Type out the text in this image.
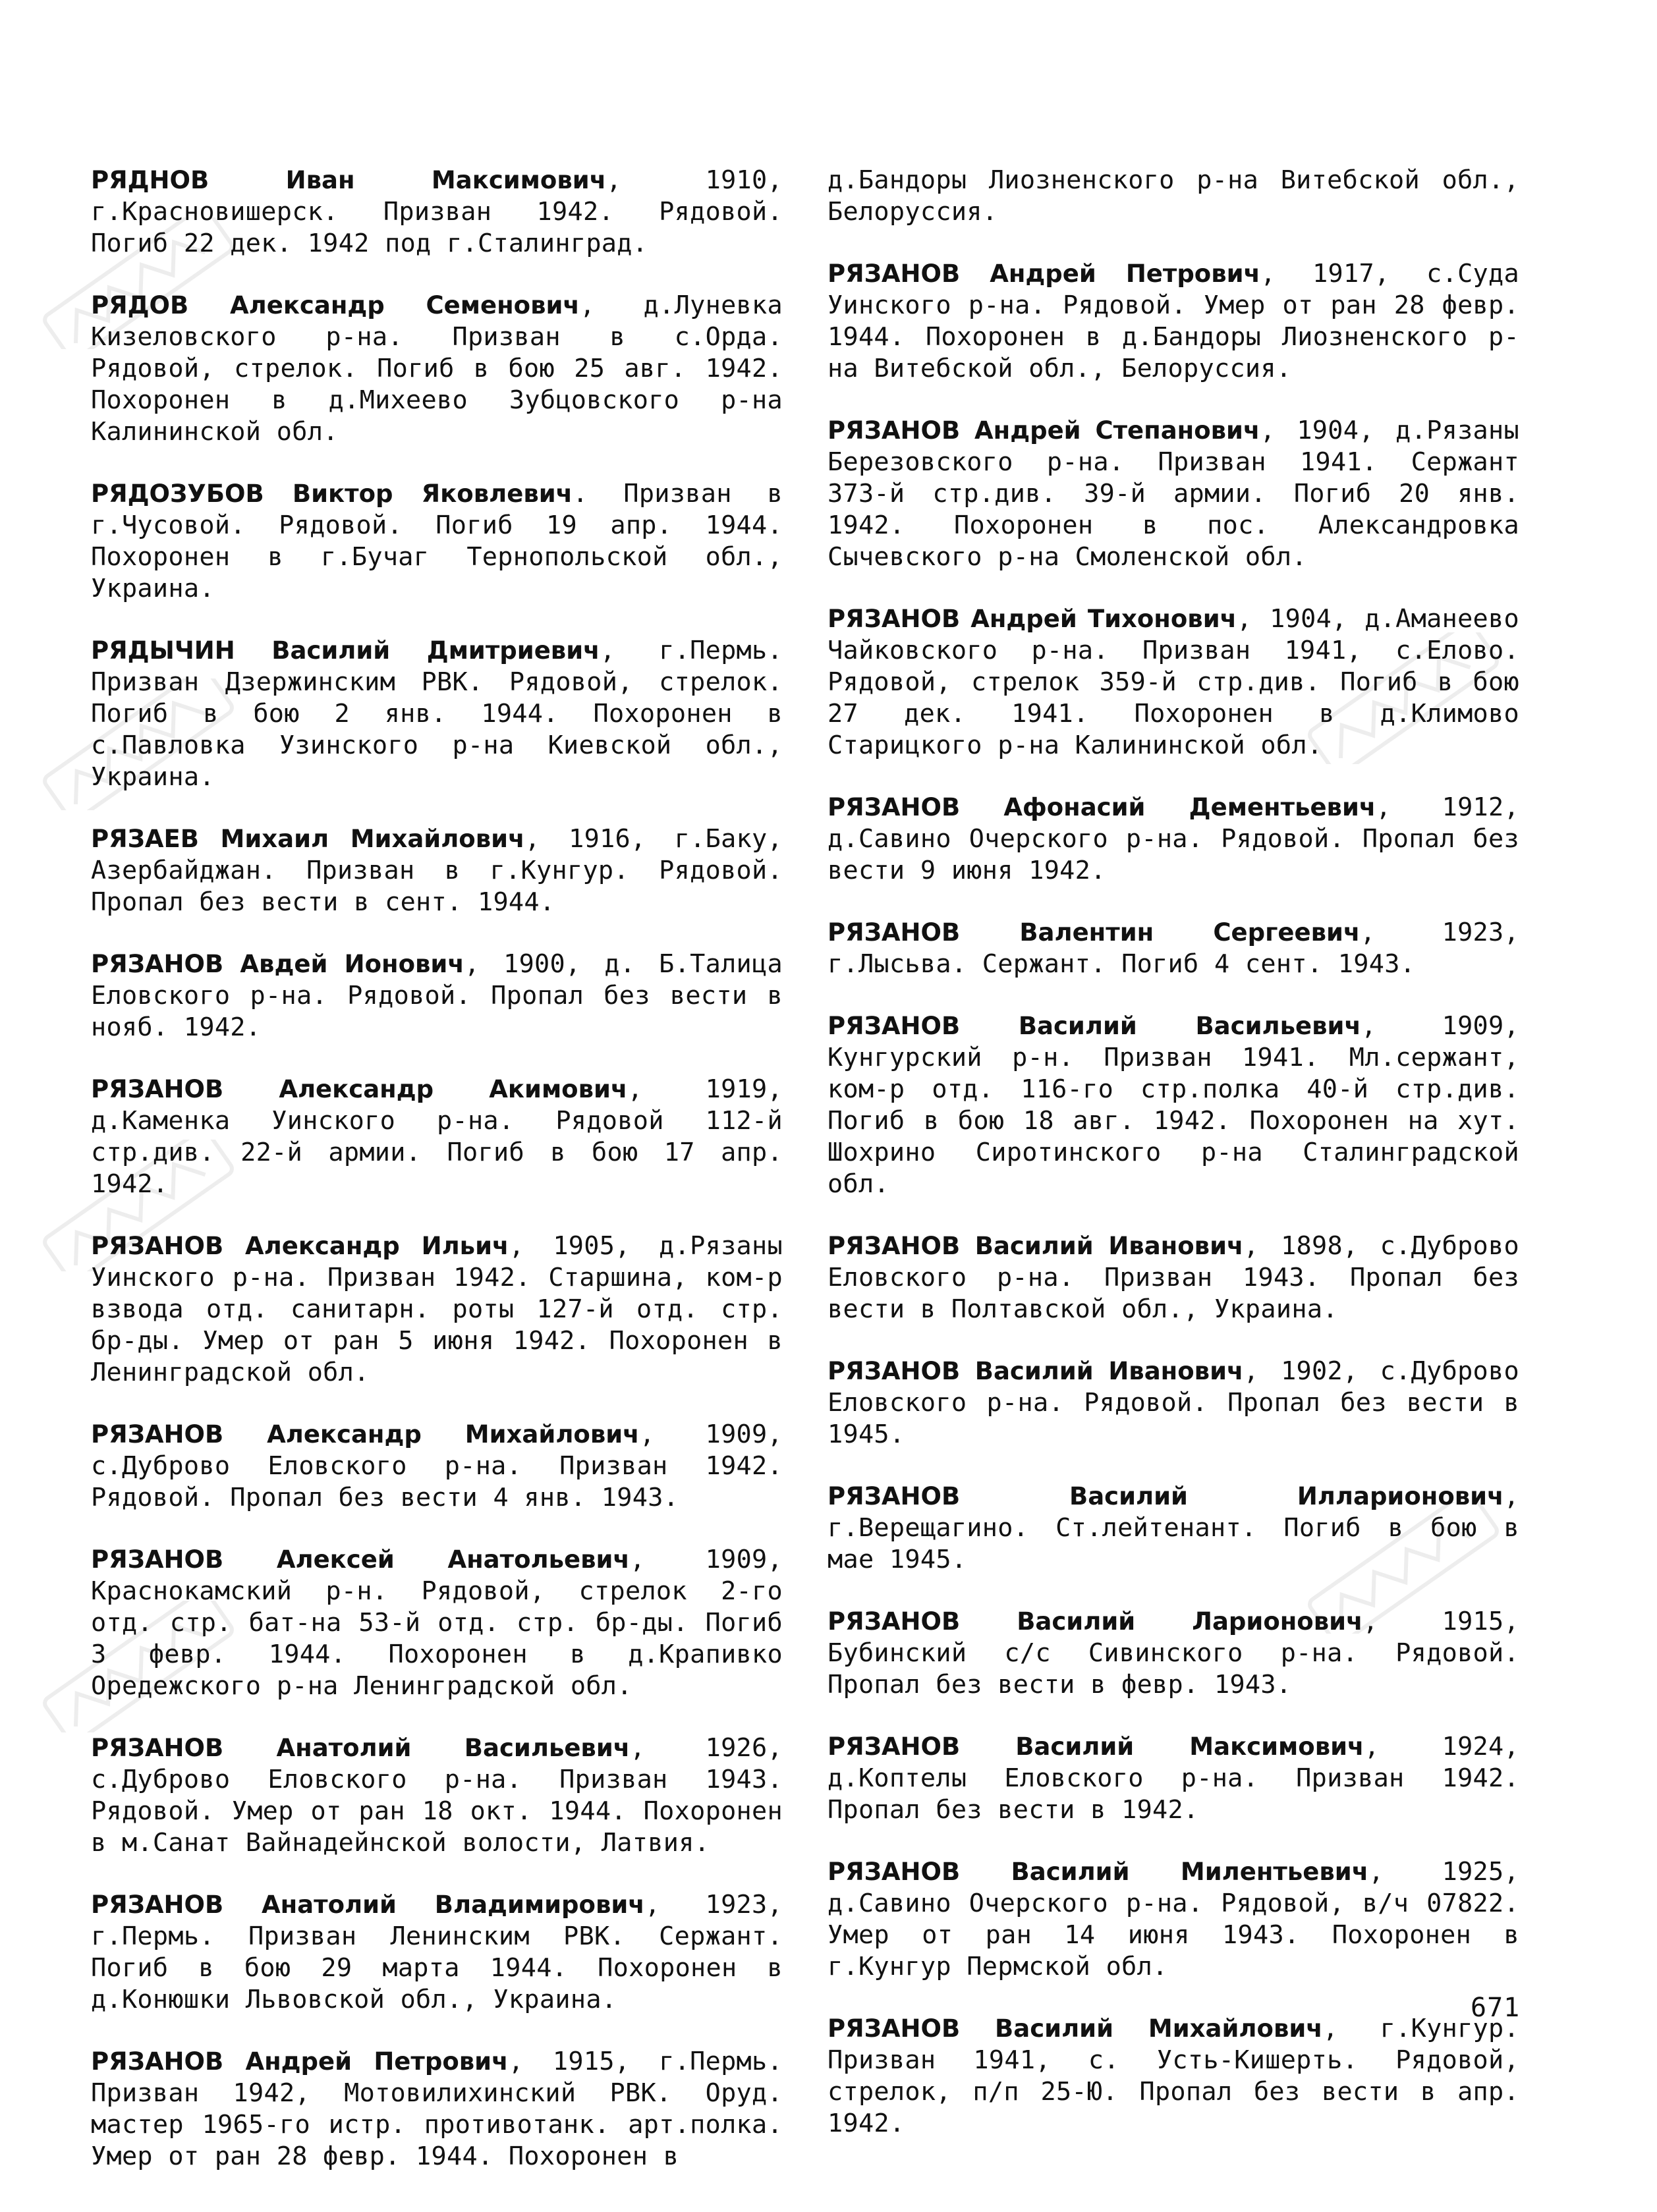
РЯДНОВ Иван Максимович, 1910, г.Красновишерск. Призван 1942. Рядовой. Погиб 22 дек. 1942 под г.Сталинград.

РЯДОВ Александр Семенович, д.Луневка Кизеловского р-на. Призван в с.Орда. Рядовой, стрелок. Погиб в бою 25 авг. 1942. Похоронен в д.Михеево Зубцовского р-на Калининской обл.

РЯДОЗУБОВ Виктор Яковлевич. Призван в г.Чусовой. Рядовой. Погиб 19 апр. 1944. Похоронен в г.Бучаг Тернопольской обл., Украина.

РЯДЫЧИН Василий Дмитриевич, г.Пермь. Призван Дзержинским РВК. Рядовой, стрелок. Погиб в бою 2 янв. 1944. Похоронен в с.Павловка Узинского р-на Киевской обл., Украина.

РЯЗАЕВ Михаил Михайлович, 1916, г.Баку, Азербайджан. Призван в г.Кунгур. Рядовой. Пропал без вести в сент. 1944.

РЯЗАНОВ Авдей Ионович, 1900, д. Б.Талица Еловского р-на. Рядовой. Пропал без вести в нояб. 1942.

РЯЗАНОВ Александр Акимович, 1919, д.Каменка Уинского р-на. Рядовой 112-й стр.див. 22-й армии. Погиб в бою 17 апр. 1942.

РЯЗАНОВ Александр Ильич, 1905, д.Рязаны Уинского р-на. Призван 1942. Старшина, ком-р взвода отд. санитарн. роты 127-й отд. стр. бр-ды. Умер от ран 5 июня 1942. Похоронен в Ленинградской обл.

РЯЗАНОВ Александр Михайлович, 1909, с.Дуброво Еловского р-на. Призван 1942. Рядовой. Пропал без вести 4 янв. 1943.

РЯЗАНОВ Алексей Анатольевич, 1909, Краснокамский р-н. Рядовой, стрелок 2-го отд. стр. бат-на 53-й отд. стр. бр-ды. Погиб 3 февр. 1944. Похоронен в д.Крапивко Оредежского р-на Ленинградской обл.

РЯЗАНОВ Анатолий Васильевич, 1926, с.Дуброво Еловского р-на. Призван 1943. Рядовой. Умер от ран 18 окт. 1944. Похоронен в м.Санат Вайнадейнской волости, Латвия.

РЯЗАНОВ Анатолий Владимирович, 1923, г.Пермь. Призван Ленинским РВК. Сержант. Погиб в бою 29 марта 1944. Похоронен в д.Конюшки Львовской обл., Украина.

РЯЗАНОВ Андрей Петрович, 1915, г.Пермь. Призван 1942, Мотовилихинский РВК. Оруд. мастер 1965-го истр. противотанк. арт.полка. Умер от ран 28 февр. 1944. Похоронен в

д.Бандоры Лиозненского р-на Витебской обл., Белоруссия.

РЯЗАНОВ Андрей Петрович, 1917, с.Суда Уинского р-на. Рядовой. Умер от ран 28 февр. 1944. Похоронен в д.Бандоры Лиозненского р-на Витебской обл., Белоруссия.

РЯЗАНОВ Андрей Степанович, 1904, д.Рязаны Березовского р-на. Призван 1941. Сержант 373-й стр.див. 39-й армии. Погиб 20 янв. 1942. Похоронен в пос. Александровка Сычевского р-на Смоленской обл.

РЯЗАНОВ Андрей Тихонович, 1904, д.Аманеево Чайковского р-на. Призван 1941, с.Елово. Рядовой, стрелок 359-й стр.див. Погиб в бою 27 дек. 1941. Похоронен в д.Климово Старицкого р-на Калининской обл.

РЯЗАНОВ Афонасий Дементьевич, 1912, д.Савино Очерского р-на. Рядовой. Пропал без вести 9 июня 1942.

РЯЗАНОВ Валентин Сергеевич, 1923, г.Лысьва. Сержант. Погиб 4 сент. 1943.

РЯЗАНОВ Василий Васильевич, 1909, Кунгурский р-н. Призван 1941. Мл.сержант, ком-р отд. 116-го стр.полка 40-й стр.див. Погиб в бою 18 авг. 1942. Похоронен на хут. Шохрино Сиротинского р-на Сталинградской обл.

РЯЗАНОВ Василий Иванович, 1898, с.Дуброво Еловского р-на. Призван 1943. Пропал без вести в Полтавской обл., Украина.

РЯЗАНОВ Василий Иванович, 1902, с.Дуброво Еловского р-на. Рядовой. Пропал без вести в 1945.

РЯЗАНОВ Василий Илларионович, г.Верещагино. Ст.лейтенант. Погиб в бою в мае 1945.

РЯЗАНОВ Василий Ларионович, 1915, Бубинский с/с Сивинского р-на. Рядовой. Пропал без вести в февр. 1943.

РЯЗАНОВ Василий Максимович, 1924, д.Коптелы Еловского р-на. Призван 1942. Пропал без вести в 1942.

РЯЗАНОВ Василий Милентьевич, 1925, д.Савино Очерского р-на. Рядовой, в/ч 07822. Умер от ран 14 июня 1943. Похоронен в г.Кунгур Пермской обл.

РЯЗАНОВ Василий Михайлович, г.Кунгур. Призван 1941, с. Усть-Кишерть. Рядовой, стрелок, п/п 25-Ю. Пропал без вести в апр. 1942.

671
